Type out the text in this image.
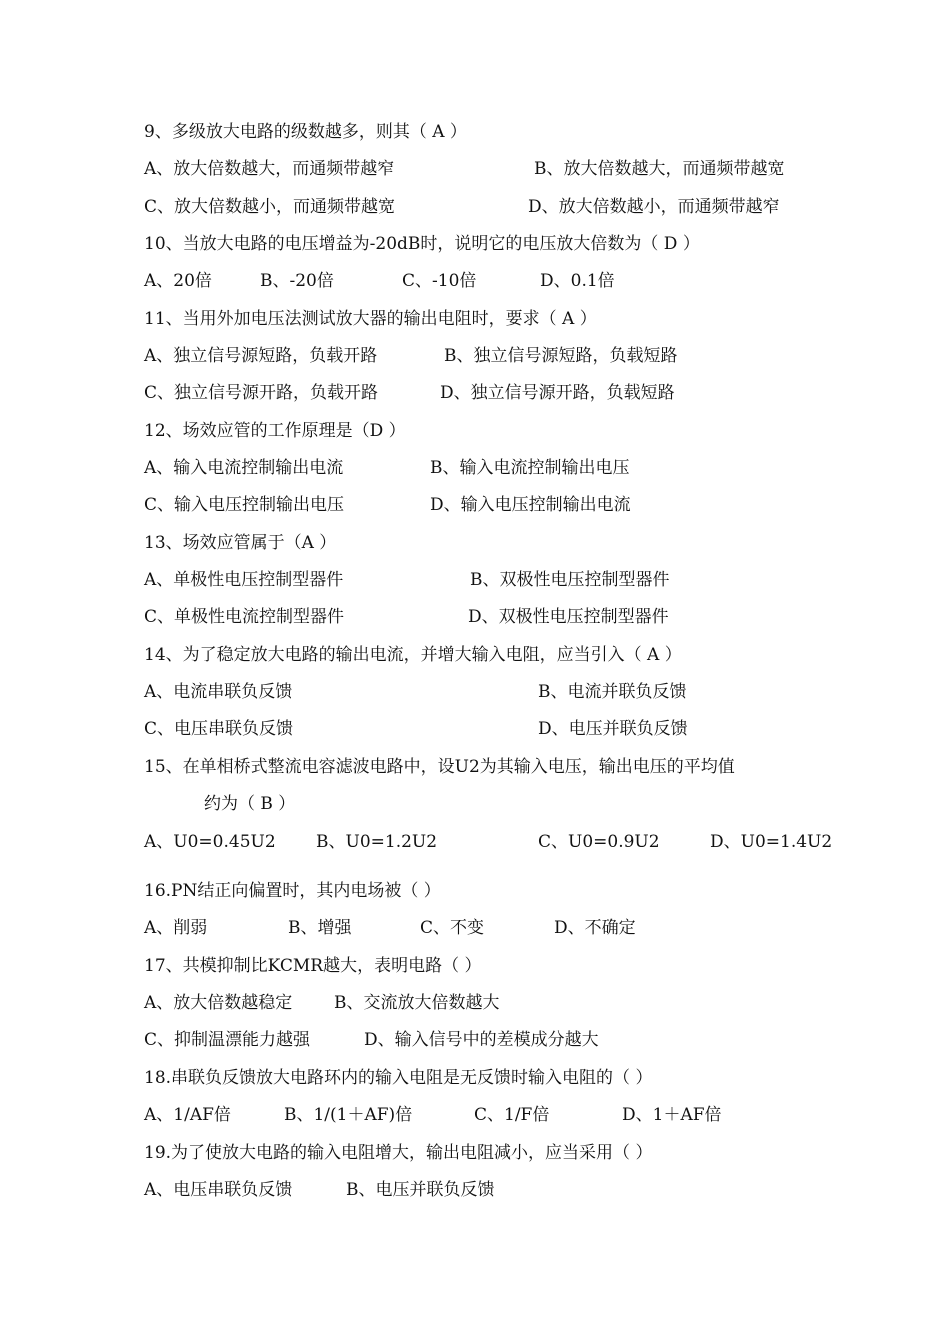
9、多级放大电路的级数越多，则其（ A ）

A、放大倍数越大，而通频带越窄	B、放大倍数越大，而通频带越宽
C、放大倍数越小，而通频带越宽	D、放大倍数越小，而通频带越窄

10、当放大电路的电压增益为-20dB时，说明它的电压放大倍数为（ D ）

A、20倍	B、-20倍	C、-10倍	D、0.1倍

11、当用外加电压法测试放大器的输出电阻时，要求（ A ）

A、独立信号源短路，负载开路	B、独立信号源短路，负载短路
C、独立信号源开路，负载开路	D、独立信号源开路，负载短路

12、场效应管的工作原理是（D ）

A、输入电流控制输出电流	B、输入电流控制输出电压
C、输入电压控制输出电压	D、输入电压控制输出电流

13、场效应管属于（A ）

A、单极性电压控制型器件	B、双极性电压控制型器件
C、单极性电流控制型器件	D、双极性电压控制型器件

14、为了稳定放大电路的输出电流，并增大输入电阻，应当引入（ A ）

A、电流串联负反馈	B、电流并联负反馈
C、电压串联负反馈	D、电压并联负反馈

15、在单相桥式整流电容滤波电路中，设U2为其输入电压，输出电压的平均值

约为（ B ）

A、U0=0.45U2 B、U0=1.2U2	C、U0=0.9U2	D、U0=1.4U2

16.PN结正向偏置时，其内电场被（ ）

A、削弱	B、增强	C、不变	D、不确定

17、共模抑制比KCMR越大，表明电路（ ）

A、放大倍数越稳定 B、交流放大倍数越大
C、抑制温漂能力越强	D、输入信号中的差模成分越大

18.串联负反馈放大电路环内的输入电阻是无反馈时输入电阻的（ ）

A、1/AF倍	B、1/(1＋AF)倍	C、1/F倍	D、1＋AF倍

19.为了使放大电路的输入电阻增大，输出电阻减小，应当采用（ ）

A、电压串联负反馈	B、电压并联负反馈
